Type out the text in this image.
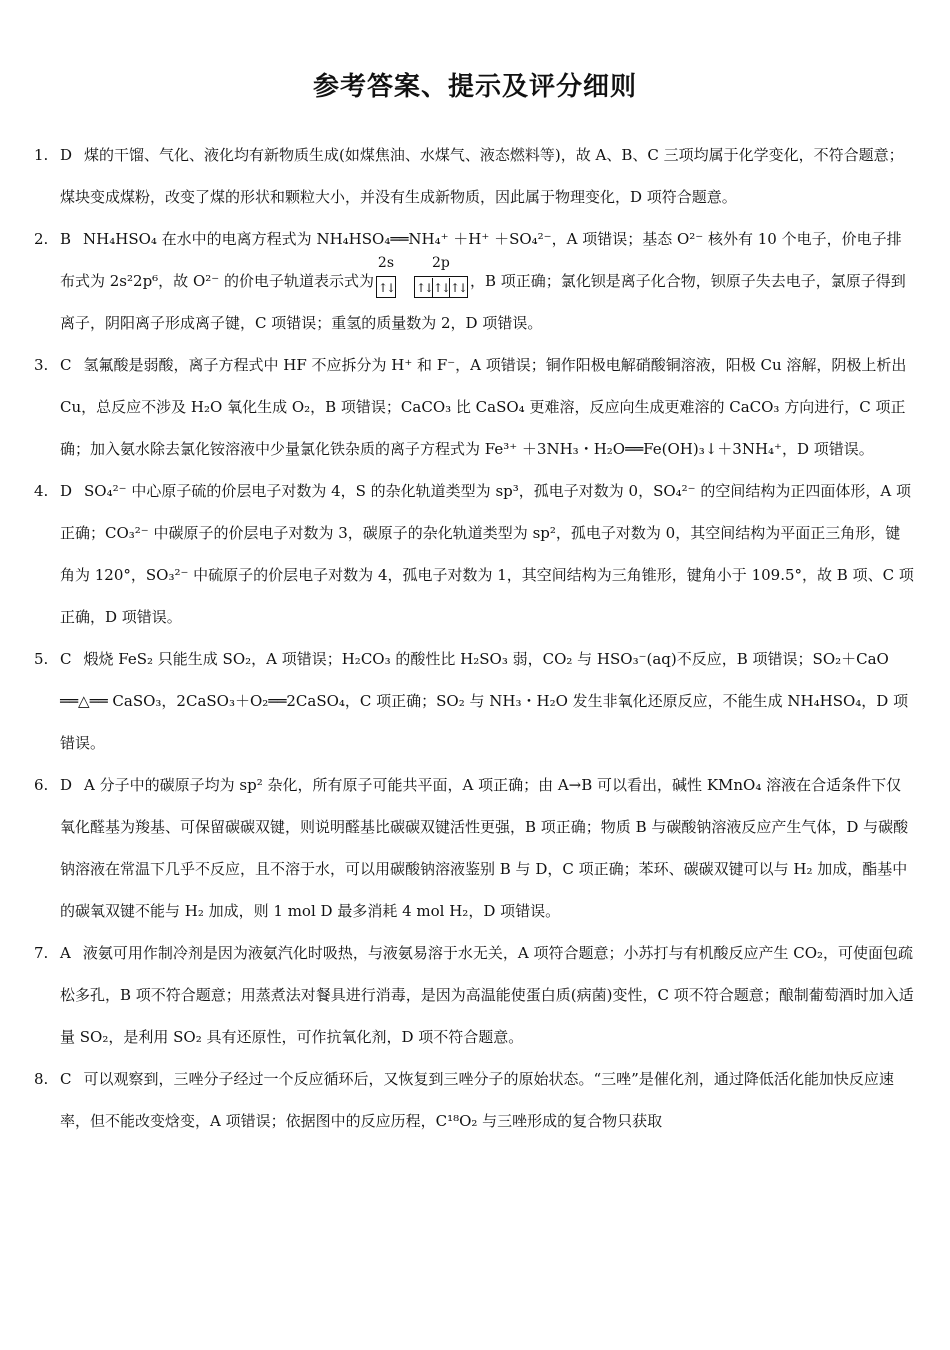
参考答案、提示及评分细则
1. D 煤的干馏、气化、液化均有新物质生成(如煤焦油、水煤气、液态燃料等)，故 A、B、C 三项均属于化学变化，不符合题意；煤块变成煤粉，改变了煤的形状和颗粒大小，并没有生成新物质，因此属于物理变化，D 项符合题意。
2. B NH₄HSO₄ 在水中的电离方程式为 NH₄HSO₄══NH₄⁺ ＋H⁺ ＋SO₄²⁻，A 项错误；基态 O²⁻ 核外有 10 个电子，价电子排布式为 2s²2p⁶，故 O²⁻ 的价电子轨道表示式为
2s
↑↓
2p
↑↓↑↓↑↓ ，B 项正确；氯化钡是离子化合物，钡原子失去电子，氯原子得到离子，阴阳离子形成离子键，C 项错误；重氢的质量数为 2，D 项错误。
3. C 氢氟酸是弱酸，离子方程式中 HF 不应拆分为 H⁺ 和 F⁻，A 项错误；铜作阳极电解硝酸铜溶液，阳极 Cu 溶解，阴极上析出 Cu，总反应不涉及 H₂O 氧化生成 O₂，B 项错误；CaCO₃ 比 CaSO₄ 更难溶，反应向生成更难溶的 CaCO₃ 方向进行，C 项正确；加入氨水除去氯化铵溶液中少量氯化铁杂质的离子方程式为 Fe³⁺ ＋3NH₃・H₂O══Fe(OH)₃↓＋3NH₄⁺，D 项错误。
4. D SO₄²⁻ 中心原子硫的价层电子对数为 4，S 的杂化轨道类型为 sp³，孤电子对数为 0，SO₄²⁻ 的空间结构为正四面体形，A 项正确；CO₃²⁻ 中碳原子的价层电子对数为 3，碳原子的杂化轨道类型为 sp²，孤电子对数为 0，其空间结构为平面正三角形，键角为 120°，SO₃²⁻ 中硫原子的价层电子对数为 4，孤电子对数为 1，其空间结构为三角锥形，键角小于 109.5°，故 B 项、C 项正确，D 项错误。
5. C 煅烧 FeS₂ 只能生成 SO₂，A 项错误；H₂CO₃ 的酸性比 H₂SO₃ 弱，CO₂ 与 HSO₃⁻(aq)不反应，B 项错误；SO₂＋CaO ══△══ CaSO₃，2CaSO₃＋O₂══2CaSO₄，C 项正确；SO₂ 与 NH₃・H₂O 发生非氧化还原反应，不能生成 NH₄HSO₄，D 项错误。
6. D A 分子中的碳原子均为 sp² 杂化，所有原子可能共平面，A 项正确；由 A→B 可以看出，碱性 KMnO₄ 溶液在合适条件下仅氧化醛基为羧基、可保留碳碳双键，则说明醛基比碳碳双键活性更强，B 项正确；物质 B 与碳酸钠溶液反应产生气体，D 与碳酸钠溶液在常温下几乎不反应，且不溶于水，可以用碳酸钠溶液鉴别 B 与 D，C 项正确；苯环、碳碳双键可以与 H₂ 加成，酯基中的碳氧双键不能与 H₂ 加成，则 1 mol D 最多消耗 4 mol H₂，D 项错误。
7. A 液氨可用作制冷剂是因为液氨汽化时吸热，与液氨易溶于水无关，A 项符合题意；小苏打与有机酸反应产生 CO₂，可使面包疏松多孔，B 项不符合题意；用蒸煮法对餐具进行消毒，是因为高温能使蛋白质(病菌)变性，C 项不符合题意；酿制葡萄酒时加入适量 SO₂，是利用 SO₂ 具有还原性，可作抗氧化剂，D 项不符合题意。
8. C 可以观察到，三唑分子经过一个反应循环后，又恢复到三唑分子的原始状态。“三唑”是催化剂，通过降低活化能加快反应速率，但不能改变焓变，A 项错误；依据图中的反应历程，C¹⁸O₂ 与三唑形成的复合物只获取
